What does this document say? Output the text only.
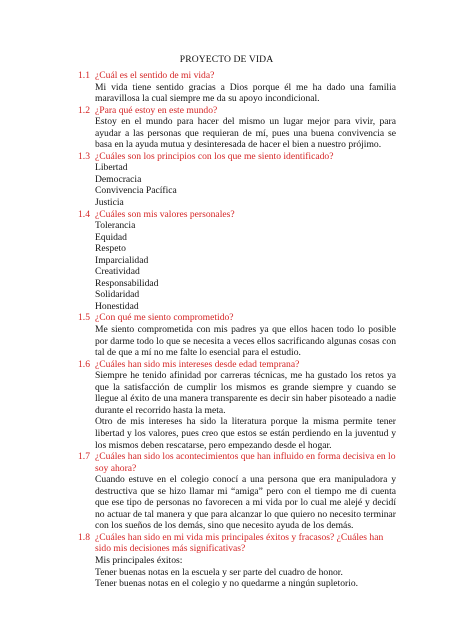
PROYECTO DE VIDA
1.1 ¿Cuál es el sentido de mi vida?

Mi vida tiene sentido gracias a Dios porque él me ha dado una familia maravillosa la cual siempre me da su apoyo incondicional.

1.2 ¿Para qué estoy en este mundo?

Estoy en el mundo para hacer del mismo un lugar mejor para vivir, para ayudar a las personas que requieran de mí, pues una buena convivencia se basa en la ayuda mutua y desinteresada de hacer el bien a nuestro prójimo.

1.3 ¿Cuáles son los principios con los que me siento identificado?
Libertad
Democracia
Convivencia Pacífica
Justicia
1.4 ¿Cuáles son mis valores personales?
Tolerancia
Equidad
Respeto
Imparcialidad
Creatividad
Responsabilidad
Solidaridad
Honestidad
1.5 ¿Con qué me siento comprometido?

Me siento comprometida con mis padres ya que ellos hacen todo lo posible por darme todo lo que se necesita a veces ellos sacrificando algunas cosas con tal de que a mí no me falte lo esencial para el estudio.

1.6 ¿Cuáles han sido mis intereses desde edad temprana?

Siempre he tenido afinidad por carreras técnicas, me ha gustado los retos ya que la satisfacción de cumplir los mismos es grande siempre y cuando se llegue al éxito de una manera transparente es decir sin haber pisoteado a nadie durante el recorrido hasta la meta.

Otro de mis intereses ha sido la literatura porque la misma permite tener libertad y los valores, pues creo que estos se están perdiendo en la juventud y los mismos deben rescatarse, pero empezando desde el hogar.

1.7 ¿Cuáles han sido los acontecimientos que han influido en forma decisiva en lo soy ahora?

Cuando estuve en el colegio conocí a una persona que era manipuladora y destructiva que se hizo llamar mi “amiga” pero con el tiempo me di cuenta que ese tipo de personas no favorecen a mi vida por lo cual me alejé y decidí no actuar de tal manera y que para alcanzar lo que quiero no necesito terminar con los sueños de los demás, sino que necesito ayuda de los demás.

1.8 ¿Cuáles han sido en mi vida mis principales éxitos y fracasos? ¿Cuáles han sido mis decisiones más significativas?
Mis principales éxitos:
Tener buenas notas en la escuela y ser parte del cuadro de honor.
Tener buenas notas en el colegio y no quedarme a ningún supletorio.
